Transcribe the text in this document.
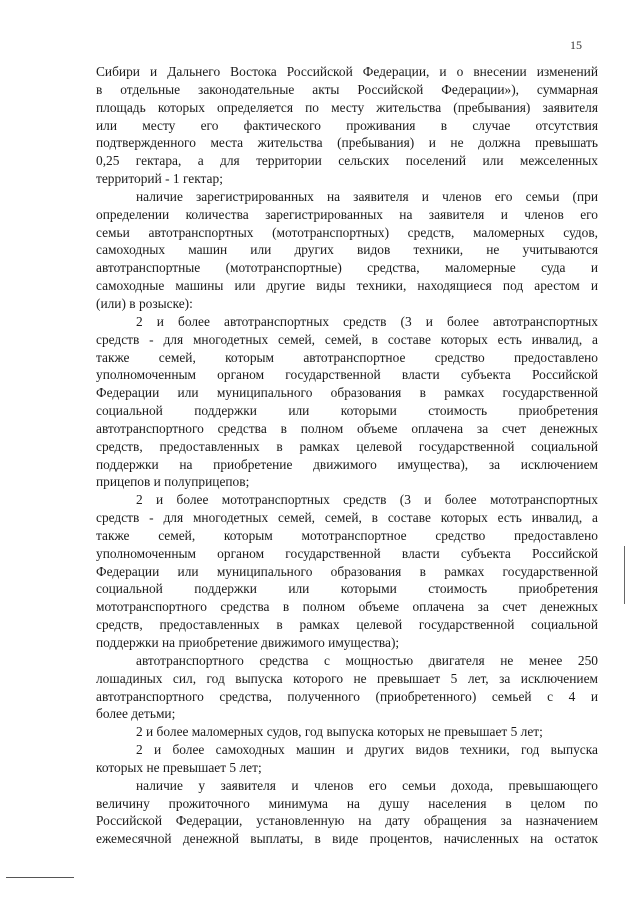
15
Сибири и Дальнего Востока Российской Федерации, и о внесении изменений
в отдельные законодательные акты Российской Федерации»), суммарная
площадь которых определяется по месту жительства (пребывания) заявителя
или месту его фактического проживания в случае отсутствия
подтвержденного места жительства (пребывания) и не должна превышать
0,25 гектара, а для территории сельских поселений или межселенных
территорий - 1 гектар;
наличие зарегистрированных на заявителя и членов его семьи (при
определении количества зарегистрированных на заявителя и членов его
семьи автотранспортных (мототранспортных) средств, маломерных судов,
самоходных машин или других видов техники, не учитываются
автотранспортные (мототранспортные) средства, маломерные суда и
самоходные машины или другие виды техники, находящиеся под арестом и
(или) в розыске):
2 и более автотранспортных средств (3 и более автотранспортных
средств - для многодетных семей, семей, в составе которых есть инвалид, а
также семей, которым автотранспортное средство предоставлено
уполномоченным органом государственной власти субъекта Российской
Федерации или муниципального образования в рамках государственной
социальной поддержки или которыми стоимость приобретения
автотранспортного средства в полном объеме оплачена за счет денежных
средств, предоставленных в рамках целевой государственной социальной
поддержки на приобретение движимого имущества), за исключением
прицепов и полуприцепов;
2 и более мототранспортных средств (3 и более мототранспортных
средств - для многодетных семей, семей, в составе которых есть инвалид, а
также семей, которым мототранспортное средство предоставлено
уполномоченным органом государственной власти субъекта Российской
Федерации или муниципального образования в рамках государственной
социальной поддержки или которыми стоимость приобретения
мототранспортного средства в полном объеме оплачена за счет денежных
средств, предоставленных в рамках целевой государственной социальной
поддержки на приобретение движимого имущества);
автотранспортного средства с мощностью двигателя не менее 250
лошадиных сил, год выпуска которого не превышает 5 лет, за исключением
автотранспортного средства, полученного (приобретенного) семьей с 4 и
более детьми;
2 и более маломерных судов, год выпуска которых не превышает 5 лет;
2 и более самоходных машин и других видов техники, год выпуска
которых не превышает 5 лет;
наличие у заявителя и членов его семьи дохода, превышающего
величину прожиточного минимума на душу населения в целом по
Российской Федерации, установленную на дату обращения за назначением
ежемесячной денежной выплаты, в виде процентов, начисленных на остаток
